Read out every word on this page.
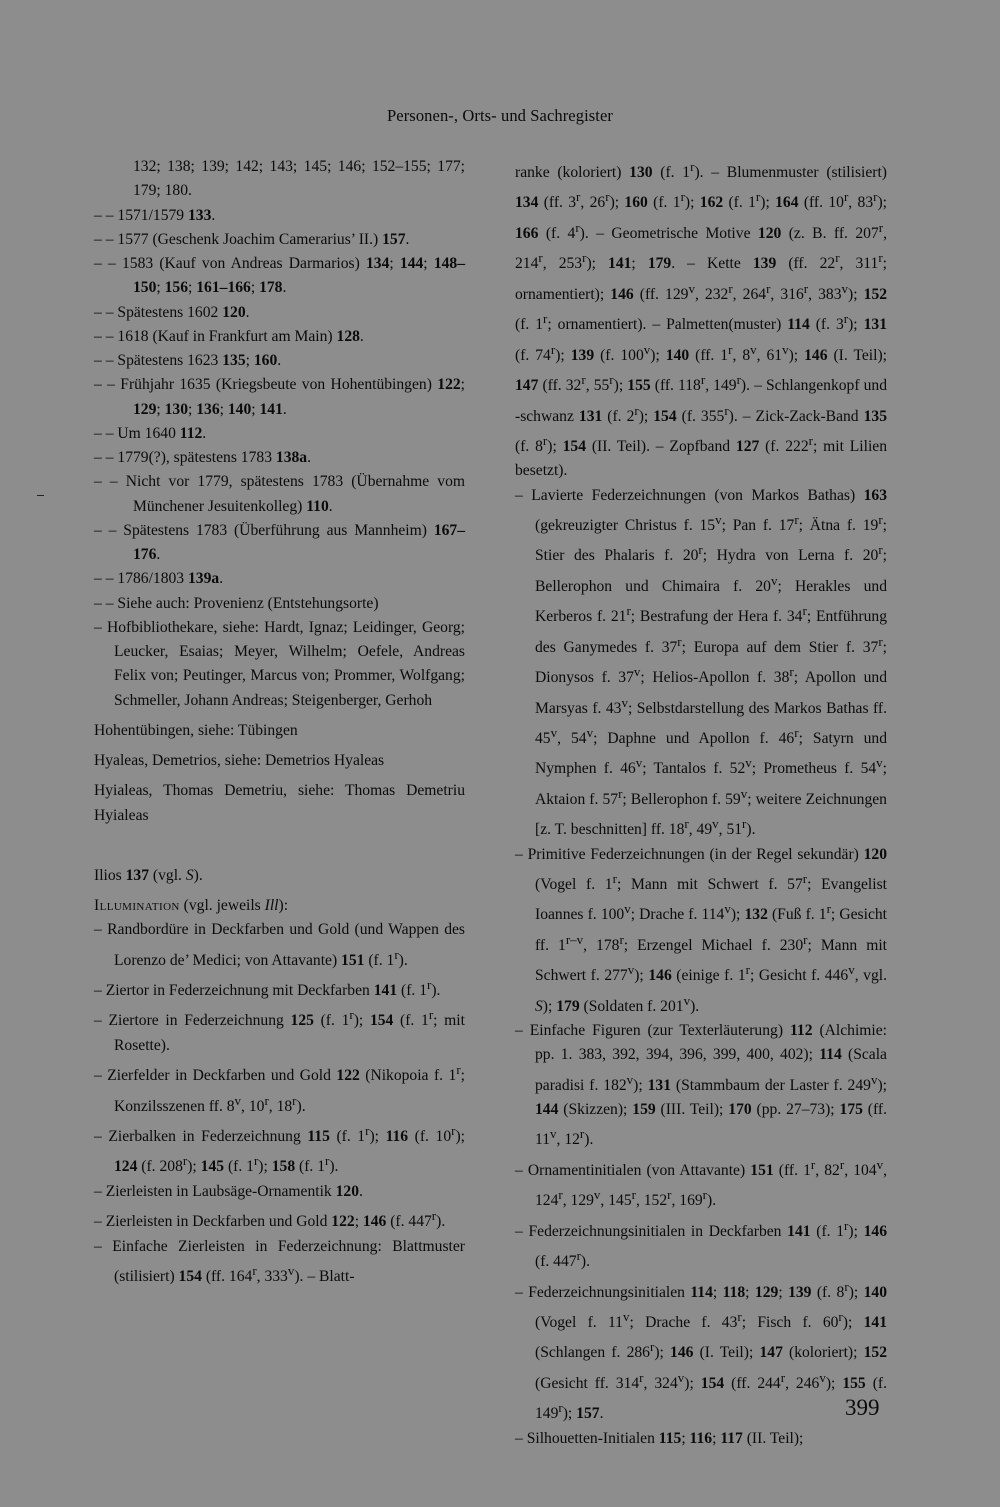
Personen-, Orts- und Sachregister

132; 138; 139; 142; 143; 145; 146; 152–155; 177; 179; 180.

– – 1571/1579 133.

– – 1577 (Geschenk Joachim Camerarius’ II.) 157.

– – 1583 (Kauf von Andreas Darmarios) 134; 144; 148–150; 156; 161–166; 178.

– – Spätestens 1602 120.

– – 1618 (Kauf in Frankfurt am Main) 128.

– – Spätestens 1623 135; 160.

– – Frühjahr 1635 (Kriegsbeute von Hohentübingen) 122; 129; 130; 136; 140; 141.

– – Um 1640 112.

– – 1779(?), spätestens 1783 138a.

– – Nicht vor 1779, spätestens 1783 (Übernahme vom Münchener Jesuitenkolleg) 110.

– – Spätestens 1783 (Überführung aus Mannheim) 167–176.

– – 1786/1803 139a.

– – Siehe auch: Provenienz (Entstehungsorte)

– Hofbibliothekare, siehe: Hardt, Ignaz; Leidinger, Georg; Leucker, Esaias; Meyer, Wilhelm; Oefele, Andreas Felix von; Peutinger, Marcus von; Prommer, Wolfgang; Schmeller, Johann Andreas; Steigenberger, Gerhoh

Hohentübingen, siehe: Tübingen

Hyaleas, Demetrios, siehe: Demetrios Hyaleas

Hyialeas, Thomas Demetriu, siehe: Thomas Demetriu Hyialeas

Ilios 137 (vgl. S).

Illumination (vgl. jeweils Ill):

– Randbordüre in Deckfarben und Gold (und Wappen des Lorenzo de’ Medici; von Attavante) 151 (f. 1$^r$).

– Ziertor in Federzeichnung mit Deckfarben 141 (f. 1$^r$).

– Ziertore in Federzeichnung 125 (f. 1$^r$); 154 (f. 1$^r$; mit Rosette).

– Zierfelder in Deckfarben und Gold 122 (Nikopoia f. 1$^r$; Konzilsszenen ff. 8$^v$, 10$^r$, 18$^r$).

– Zierbalken in Federzeichnung 115 (f. 1$^r$); 116 (f. 10$^r$); 124 (f. 208$^r$); 145 (f. 1$^r$); 158 (f. 1$^r$).

– Zierleisten in Laubsäge-Ornamentik 120.

– Zierleisten in Deckfarben und Gold 122; 146 (f. 447$^r$).

– Einfache Zierleisten in Federzeichnung: Blattmuster (stilisiert) 154 (ff. 164$^r$, 333$^v$). – Blatt-

ranke (koloriert) 130 (f. 1$^r$). – Blumenmuster (stilisiert) 134 (ff. 3$^r$, 26$^r$); 160 (f. 1$^r$); 162 (f. 1$^r$); 164 (ff. 10$^r$, 83$^r$); 166 (f. 4$^r$). – Geometrische Motive 120 (z. B. ff. 207$^r$, 214$^r$, 253$^r$); 141; 179. – Kette 139 (ff. 22$^r$, 311$^r$; ornamentiert); 146 (ff. 129$^v$, 232$^r$, 264$^r$, 316$^r$, 383$^v$); 152 (f. 1$^r$; ornamentiert). – Palmetten(muster) 114 (f. 3$^r$); 131 (f. 74$^r$); 139 (f. 100$^v$); 140 (ff. 1$^r$, 8$^v$, 61$^v$); 146 (I. Teil); 147 (ff. 32$^r$, 55$^r$); 155 (ff. 118$^r$, 149$^r$). – Schlangenkopf und -schwanz 131 (f. 2$^r$); 154 (f. 355$^r$). – Zick-Zack-Band 135 (f. 8$^r$); 154 (II. Teil). – Zopfband 127 (f. 222$^r$; mit Lilien besetzt).

– Lavierte Federzeichnungen (von Markos Bathas) 163 (gekreuzigter Christus f. 15$^v$; Pan f. 17$^r$; Ätna f. 19$^r$; Stier des Phalaris f. 20$^r$; Hydra von Lerna f. 20$^r$; Bellerophon und Chimaira f. 20$^v$; Herakles und Kerberos f. 21$^r$; Bestrafung der Hera f. 34$^r$; Entführung des Ganymedes f. 37$^r$; Europa auf dem Stier f. 37$^r$; Dionysos f. 37$^v$; Helios-Apollon f. 38$^r$; Apollon und Marsyas f. 43$^v$; Selbstdarstellung des Markos Bathas ff. 45$^v$, 54$^v$; Daphne und Apollon f. 46$^r$; Satyrn und Nymphen f. 46$^v$; Tantalos f. 52$^v$; Prometheus f. 54$^v$; Aktaion f. 57$^r$; Bellerophon f. 59$^v$; weitere Zeichnungen [z. T. beschnitten] ff. 18$^r$, 49$^v$, 51$^r$).

– Primitive Federzeichnungen (in der Regel sekundär) 120 (Vogel f. 1$^r$; Mann mit Schwert f. 57$^r$; Evangelist Ioannes f. 100$^v$; Drache f. 114$^v$); 132 (Fuß f. 1$^r$; Gesicht ff. 1$^{r-v}$, 178$^r$; Erzengel Michael f. 230$^r$; Mann mit Schwert f. 277$^v$); 146 (einige f. 1$^r$; Gesicht f. 446$^v$, vgl. S); 179 (Soldaten f. 201$^v$).

– Einfache Figuren (zur Texterläuterung) 112 (Alchimie: pp. 1. 383, 392, 394, 396, 399, 400, 402); 114 (Scala paradisi f. 182$^v$); 131 (Stammbaum der Laster f. 249$^v$); 144 (Skizzen); 159 (III. Teil); 170 (pp. 27–73); 175 (ff. 11$^v$, 12$^r$).

– Ornamentinitialen (von Attavante) 151 (ff. 1$^r$, 82$^r$, 104$^v$, 124$^r$, 129$^v$, 145$^r$, 152$^r$, 169$^r$).

– Federzeichnungsinitialen in Deckfarben 141 (f. 1$^r$); 146 (f. 447$^r$).

– Federzeichnungsinitialen 114; 118; 129; 139 (f. 8$^r$); 140 (Vogel f. 11$^v$; Drache f. 43$^r$; Fisch f. 60$^r$); 141 (Schlangen f. 286$^r$); 146 (I. Teil); 147 (koloriert); 152 (Gesicht ff. 314$^r$, 324$^v$); 154 (ff. 244$^r$, 246$^v$); 155 (f. 149$^r$); 157.

– Silhouetten-Initialen 115; 116; 117 (II. Teil);

399
